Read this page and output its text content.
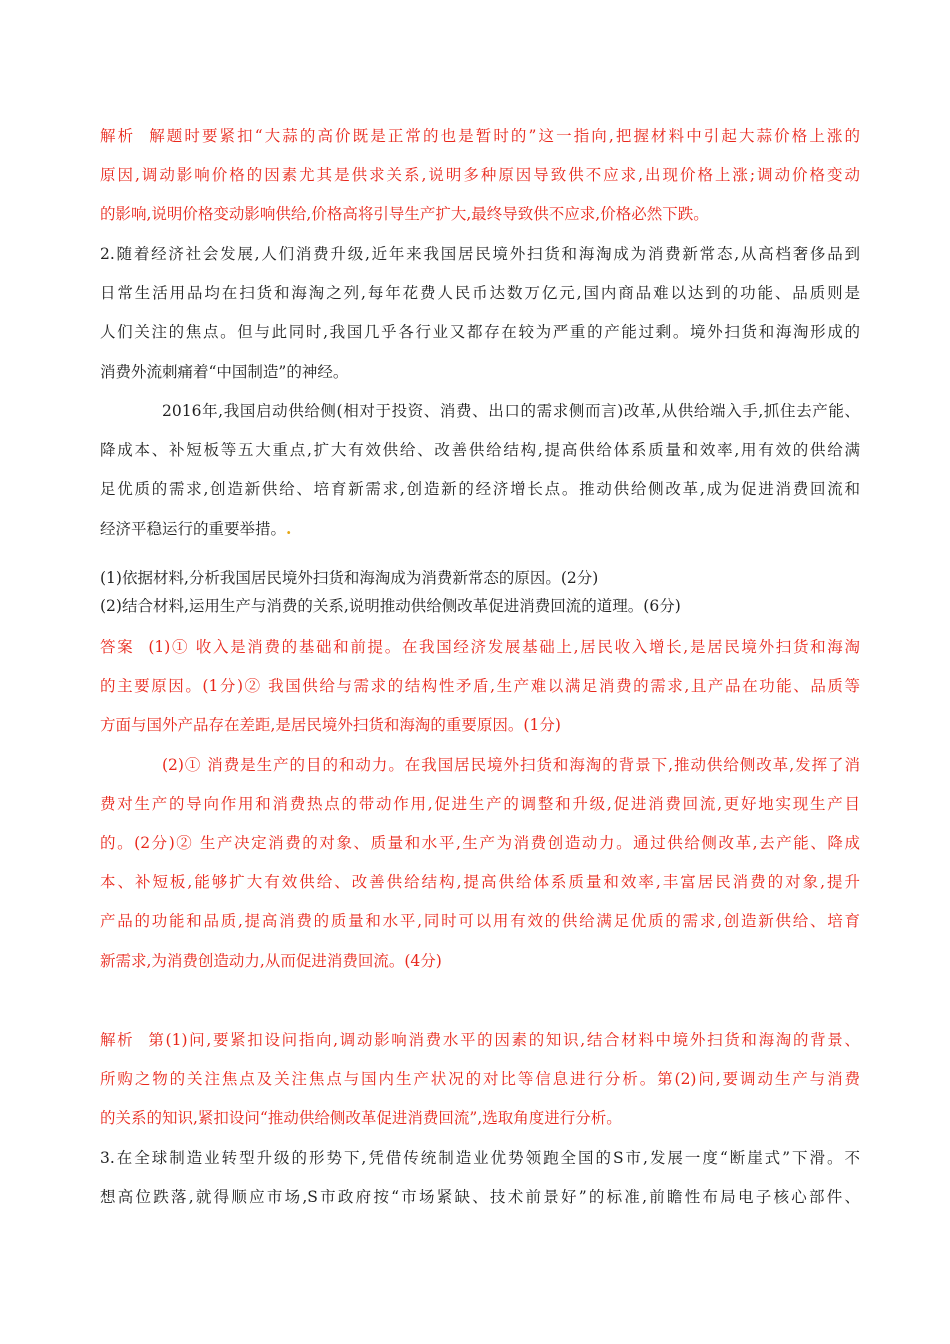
解析 解题时要紧扣“大蒜的高价既是正常的也是暂时的”这一指向,把握材料中引起大蒜价格上涨的
原因,调动影响价格的因素尤其是供求关系,说明多种原因导致供不应求,出现价格上涨;调动价格变动
的影响,说明价格变动影响供给,价格高将引导生产扩大,最终导致供不应求,价格必然下跌。
2.随着经济社会发展,人们消费升级,近年来我国居民境外扫货和海淘成为消费新常态,从高档奢侈品到
日常生活用品均在扫货和海淘之列,每年花费人民币达数万亿元,国内商品难以达到的功能、品质则是
人们关注的焦点。但与此同时,我国几乎各行业又都存在较为严重的产能过剩。境外扫货和海淘形成的
消费外流刺痛着“中国制造”的神经。
2016年,我国启动供给侧(相对于投资、消费、出口的需求侧而言)改革,从供给端入手,抓住去产能、
降成本、补短板等五大重点,扩大有效供给、改善供给结构,提高供给体系质量和效率,用有效的供给满
足优质的需求,创造新供给、培育新需求,创造新的经济增长点。推动供给侧改革,成为促进消费回流和
经济平稳运行的重要举措。.
(1)依据材料,分析我国居民境外扫货和海淘成为消费新常态的原因。(2分)
(2)结合材料,运用生产与消费的关系,说明推动供给侧改革促进消费回流的道理。(6分)
答案 (1)① 收入是消费的基础和前提。在我国经济发展基础上,居民收入增长,是居民境外扫货和海淘
的主要原因。(1分)② 我国供给与需求的结构性矛盾,生产难以满足消费的需求,且产品在功能、品质等
方面与国外产品存在差距,是居民境外扫货和海淘的重要原因。(1分)
(2)① 消费是生产的目的和动力。在我国居民境外扫货和海淘的背景下,推动供给侧改革,发挥了消
费对生产的导向作用和消费热点的带动作用,促进生产的调整和升级,促进消费回流,更好地实现生产目
的。(2分)② 生产决定消费的对象、质量和水平,生产为消费创造动力。通过供给侧改革,去产能、降成
本、补短板,能够扩大有效供给、改善供给结构,提高供给体系质量和效率,丰富居民消费的对象,提升
产品的功能和品质,提高消费的质量和水平,同时可以用有效的供给满足优质的需求,创造新供给、培育
新需求,为消费创造动力,从而促进消费回流。(4分)
解析 第(1)问,要紧扣设问指向,调动影响消费水平的因素的知识,结合材料中境外扫货和海淘的背景、
所购之物的关注焦点及关注焦点与国内生产状况的对比等信息进行分析。第(2)问,要调动生产与消费
的关系的知识,紧扣设问“推动供给侧改革促进消费回流”,选取角度进行分析。
3.在全球制造业转型升级的形势下,凭借传统制造业优势领跑全国的S市,发展一度“断崖式”下滑。不
想高位跌落,就得顺应市场,S市政府按“市场紧缺、技术前景好”的标准,前瞻性布局电子核心部件、
